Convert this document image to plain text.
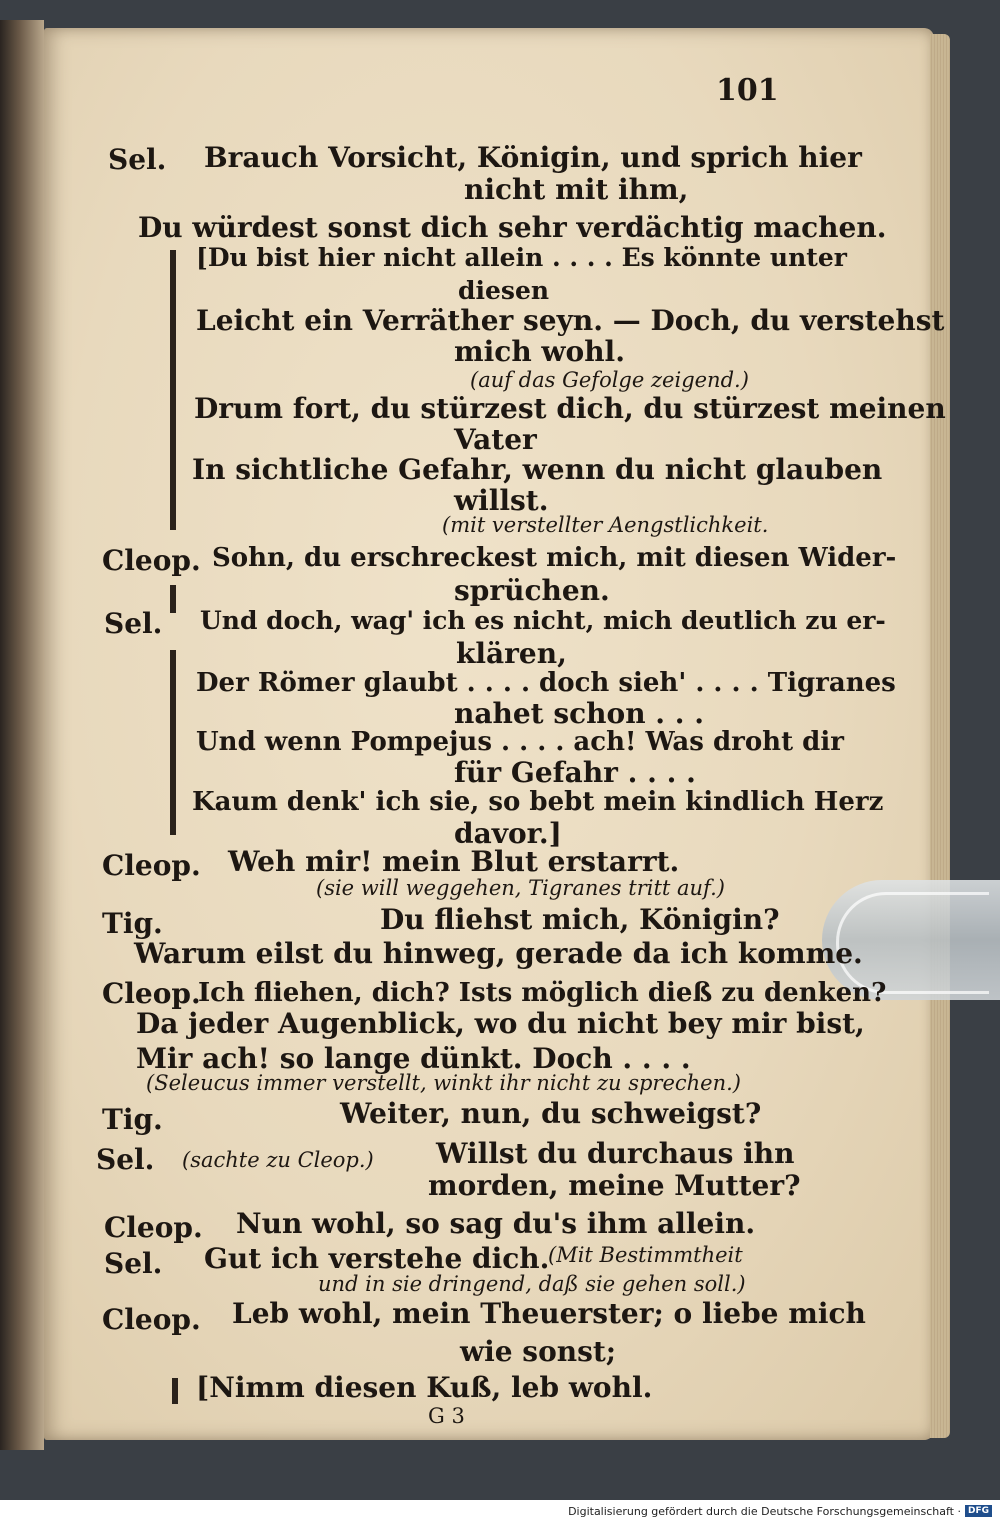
101
Sel. Brauch Vorsicht, Königin, und sprich hier
nicht mit ihm,
Du würdest sonst dich sehr verdächtig machen.
[Du bist hier nicht allein . . . . Es könnte unter
diesen
Leicht ein Verräther seyn. — Doch, du verstehst
mich wohl.
(auf das Gefolge zeigend.)
Drum fort, du stürzest dich, du stürzest meinen
Vater
In sichtliche Gefahr, wenn du nicht glauben
willst.
(mit verstellter Aengstlichkeit.
Cleop. Sohn, du erschreckest mich, mit diesen Wider-
sprüchen.
Sel. Und doch, wag' ich es nicht, mich deutlich zu er-
klären,
Der Römer glaubt . . . . doch sieh' . . . . Tigranes
nahet schon . . .
Und wenn Pompejus . . . . ach! Was droht dir
für Gefahr . . . .
Kaum denk' ich sie, so bebt mein kindlich Herz
davor.]
Cleop. Weh mir! mein Blut erstarrt.
(sie will weggehen, Tigranes tritt auf.)
Tig.	Du fliehst mich, Königin?
Warum eilst du hinweg, gerade da ich komme.
Cleop.
Ich fliehen, dich? Ists möglich dieß zu denken?
Da jeder Augenblick, wo du nicht bey mir bist,
Mir ach! so lange dünkt. Doch . . . .
(Seleucus immer verstellt, winkt ihr nicht zu sprechen.)
Tig.	Weiter, nun, du schweigst?
Sel. (sachte zu Cleop.) Willst du durchaus ihn
morden, meine Mutter?
Cleop. Nun wohl, so sag du's ihm allein.
Sel. Gut ich verstehe dich.
(Mit Bestimmtheit
und in sie dringend, daß sie gehen soll.)
Cleop. Leb wohl, mein Theuerster; o liebe mich
wie sonst;
[Nimm diesen Kuß, leb wohl.
G 3
Digitalisierung gefördert durch die Deutsche Forschungsgemeinschaft · DFG
